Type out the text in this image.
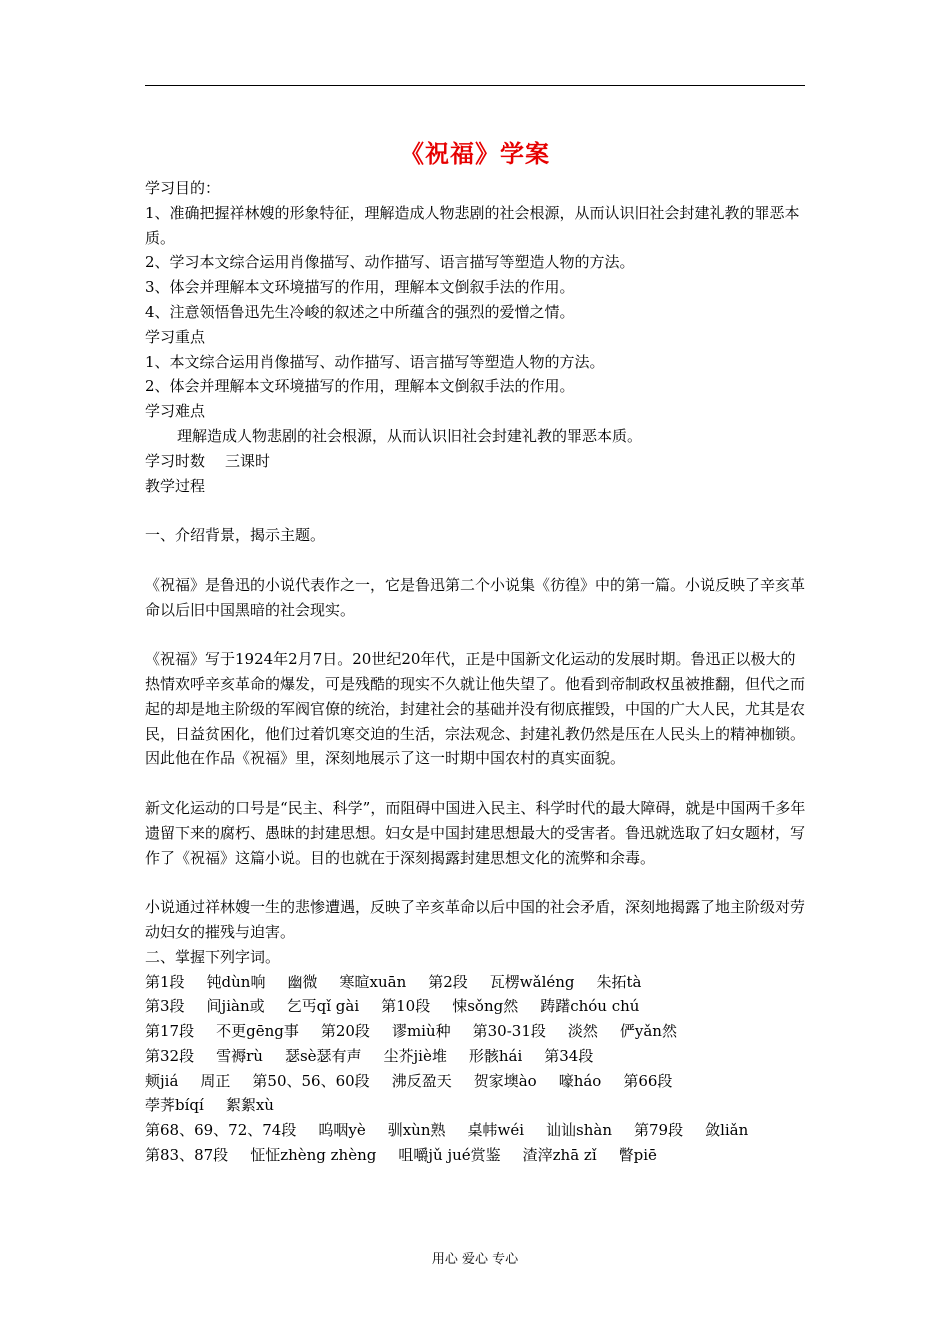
《祝福》学案

学习目的：

1、准确把握祥林嫂的形象特征，理解造成人物悲剧的社会根源，从而认识旧社会封建礼教的罪恶本质。

2、学习本文综合运用肖像描写、动作描写、语言描写等塑造人物的方法。

3、体会并理解本文环境描写的作用，理解本文倒叙手法的作用。

4、注意领悟鲁迅先生冷峻的叙述之中所蕴含的强烈的爱憎之情。

学习重点

1、本文综合运用肖像描写、动作描写、语言描写等塑造人物的方法。

2、体会并理解本文环境描写的作用，理解本文倒叙手法的作用。

学习难点

理解造成人物悲剧的社会根源，从而认识旧社会封建礼教的罪恶本质。

学习时数 三课时

教学过程

一、介绍背景，揭示主题。

《祝福》是鲁迅的小说代表作之一，它是鲁迅第二个小说集《彷徨》中的第一篇。小说反映了辛亥革命以后旧中国黑暗的社会现实。

《祝福》写于1924年2月7日。20世纪20年代，正是中国新文化运动的发展时期。鲁迅正以极大的热情欢呼辛亥革命的爆发，可是残酷的现实不久就让他失望了。他看到帝制政权虽被推翻，但代之而起的却是地主阶级的军阀官僚的统治，封建社会的基础并没有彻底摧毁，中国的广大人民，尤其是农民，日益贫困化，他们过着饥寒交迫的生活，宗法观念、封建礼教仍然是压在人民头上的精神枷锁。因此他在作品《祝福》里，深刻地展示了这一时期中国农村的真实面貌。

新文化运动的口号是“民主、科学”，而阻碍中国进入民主、科学时代的最大障碍，就是中国两千多年遗留下来的腐朽、愚昧的封建思想。妇女是中国封建思想最大的受害者。鲁迅就选取了妇女题材，写作了《祝福》这篇小说。目的也就在于深刻揭露封建思想文化的流弊和余毒。

小说通过祥林嫂一生的悲惨遭遇，反映了辛亥革命以后中国的社会矛盾，深刻地揭露了地主阶级对劳动妇女的摧残与迫害。

二、掌握下列字词。

第1段 钝dùn响 幽微 寒暄xuān 第2段 瓦楞wǎléng 朱拓tà

第3段 间jiàn或 乞丐qǐ gài 第10段 悚sǒng然 踌躇chóu chú

第17段 不更gēng事 第20段 谬miù种 第30-31段 淡然 俨yǎn然

第32段 雪褥rù 瑟sè瑟有声 尘芥jiè堆 形骸hái 第34段

颊jiá 周正 第50、56、60段 沸反盈天 贺家墺ào 嚎háo 第66段

荸荠bíqí 絮絮xù

第68、69、72、74段 呜咽yè 驯xùn熟 桌帏wéi 讪讪shàn 第79段 敛liǎn

第83、87段 怔怔zhèng zhèng 咀嚼jǔ jué赏鉴 渣滓zhā zǐ 瞥piē

用心 爱心 专心
